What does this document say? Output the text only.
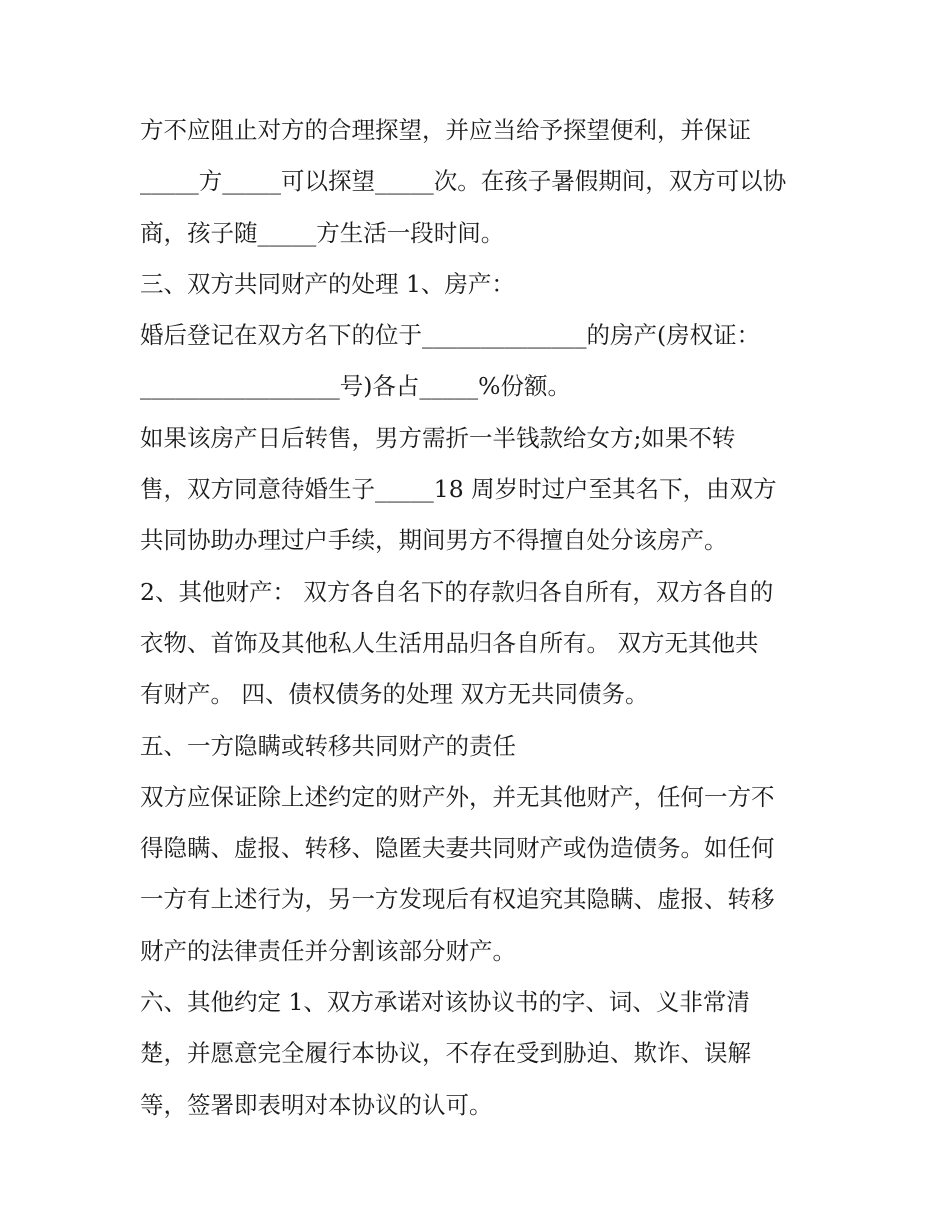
方不应阻止对方的合理探望，并应当给予探望便利，并保证
_____方_____可以探望_____次。在孩子暑假期间，双方可以协
商，孩子随_____方生活一段时间。
三、双方共同财产的处理 1、房产：
婚后登记在双方名下的位于______________的房产(房权证：
_________________号)各占_____%份额。
如果该房产日后转售，男方需折一半钱款给女方;如果不转
售，双方同意待婚生子_____18 周岁时过户至其名下，由双方
共同协助办理过户手续，期间男方不得擅自处分该房产。
2、其他财产： 双方各自名下的存款归各自所有，双方各自的
衣物、首饰及其他私人生活用品归各自所有。 双方无其他共
有财产。 四、债权债务的处理 双方无共同债务。
五、一方隐瞒或转移共同财产的责任
双方应保证除上述约定的财产外，并无其他财产，任何一方不
得隐瞒、虚报、转移、隐匿夫妻共同财产或伪造债务。如任何
一方有上述行为，另一方发现后有权追究其隐瞒、虚报、转移
财产的法律责任并分割该部分财产。
六、其他约定 1、双方承诺对该协议书的字、词、义非常清
楚，并愿意完全履行本协议，不存在受到胁迫、欺诈、误解
等，签署即表明对本协议的认可。
